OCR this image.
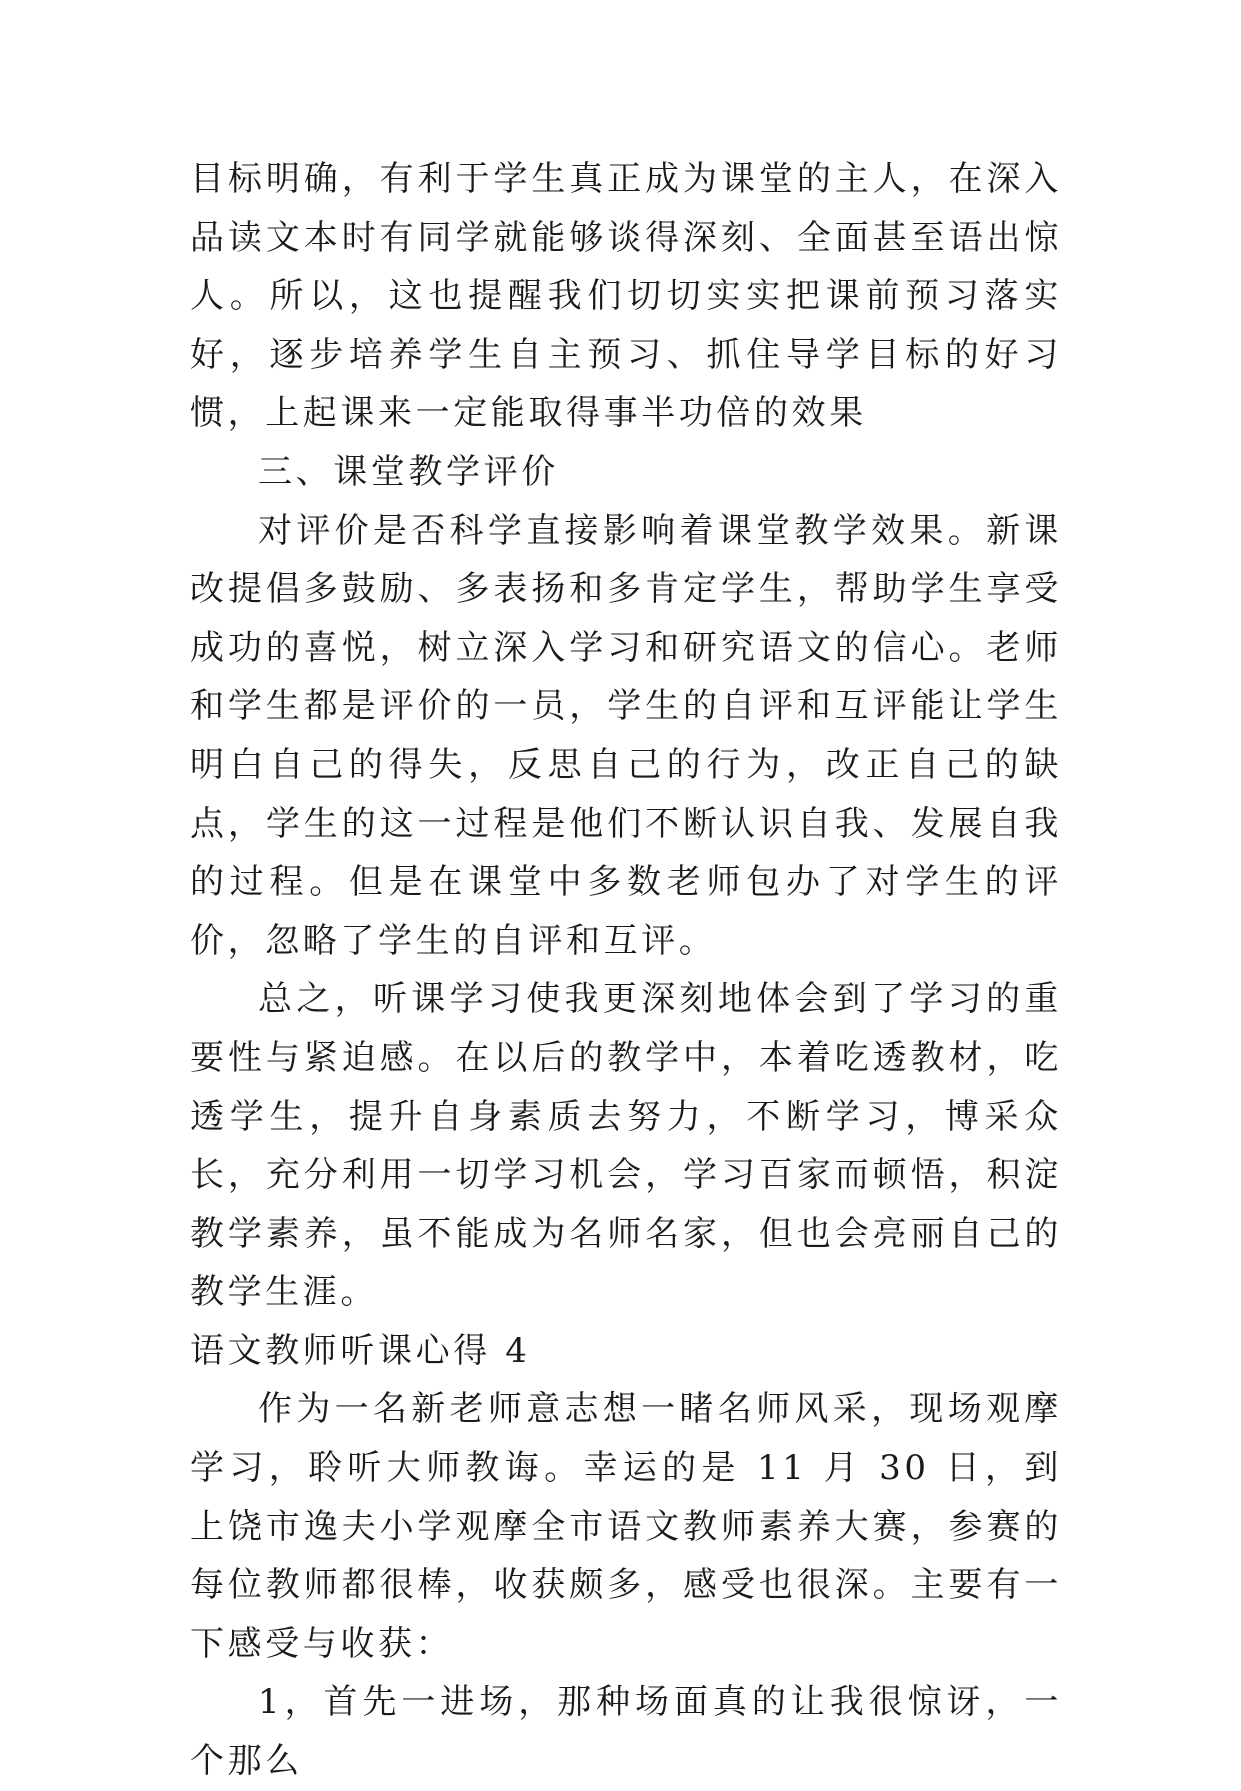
目标明确，有利于学生真正成为课堂的主人，在深入品读文本时有同学就能够谈得深刻、全面甚至语出惊人。所以，这也提醒我们切切实实把课前预习落实好，逐步培养学生自主预习、抓住导学目标的好习惯，上起课来一定能取得事半功倍的效果

三、课堂教学评价

对评价是否科学直接影响着课堂教学效果。新课改提倡多鼓励、多表扬和多肯定学生，帮助学生享受成功的喜悦，树立深入学习和研究语文的信心。老师和学生都是评价的一员，学生的自评和互评能让学生明白自己的得失，反思自己的行为，改正自己的缺点，学生的这一过程是他们不断认识自我、发展自我的过程。但是在课堂中多数老师包办了对学生的评价，忽略了学生的自评和互评。

总之，听课学习使我更深刻地体会到了学习的重要性与紧迫感。在以后的教学中，本着吃透教材，吃透学生，提升自身素质去努力，不断学习，博采众长，充分利用一切学习机会，学习百家而顿悟，积淀教学素养，虽不能成为名师名家，但也会亮丽自己的教学生涯。

语文教师听课心得 4

作为一名新老师意志想一睹名师风采，现场观摩学习，聆听大师教诲。幸运的是 11 月 30 日，到上饶市逸夫小学观摩全市语文教师素养大赛，参赛的每位教师都很棒，收获颇多，感受也很深。主要有一下感受与收获：

1，首先一进场，那种场面真的让我很惊讶，一个那么
